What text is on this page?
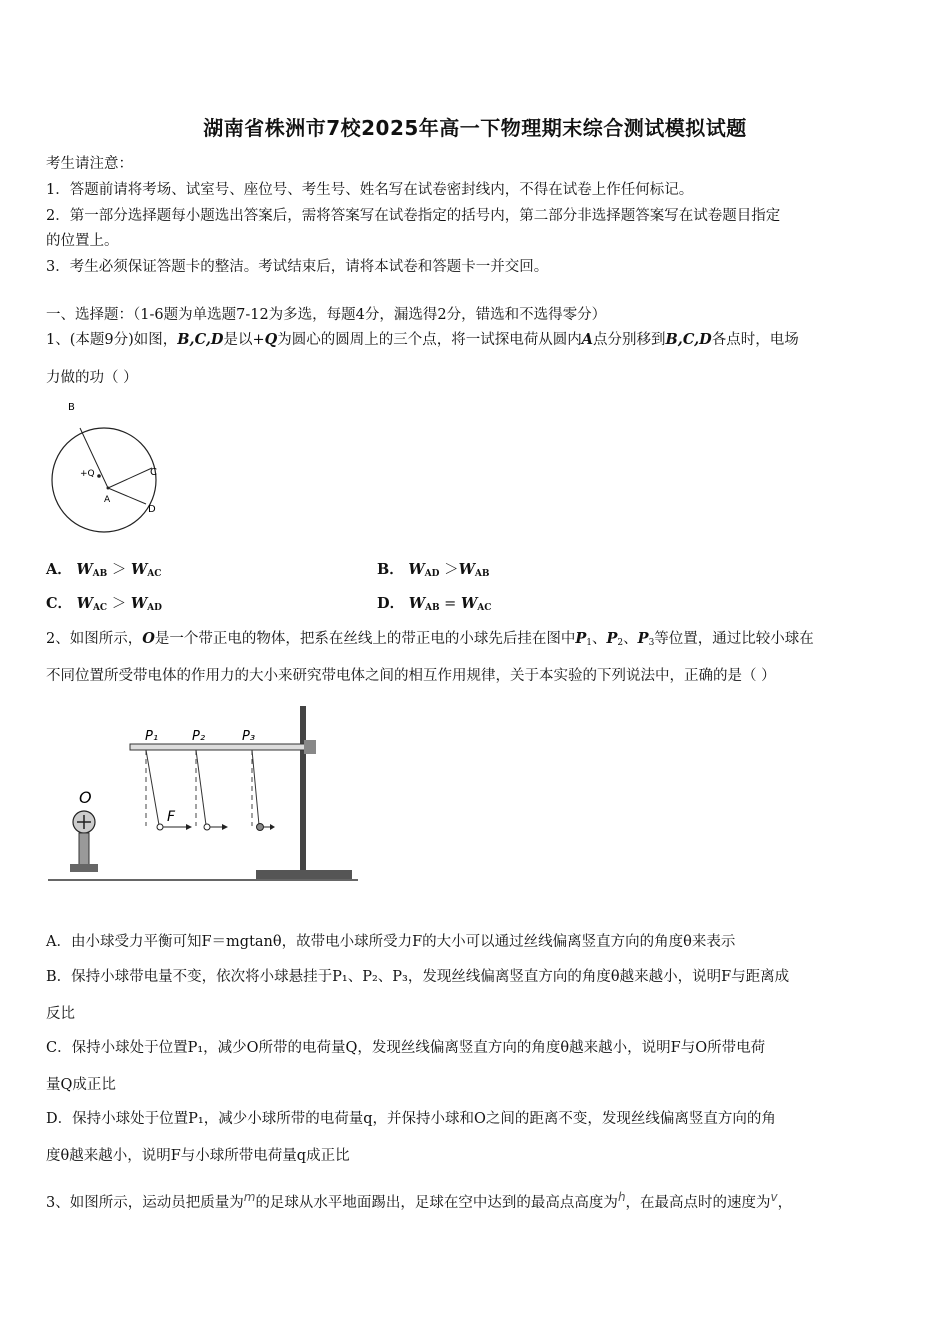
湖南省株洲市7校2025年高一下物理期末综合测试模拟试题
考生请注意：
1．答题前请将考场、试室号、座位号、考生号、姓名写在试卷密封线内，不得在试卷上作任何标记。
2．第一部分选择题每小题选出答案后，需将答案写在试卷指定的括号内，第二部分非选择题答案写在试卷题目指定
的位置上。
3．考生必须保证答题卡的整洁。考试结束后，请将本试卷和答题卡一并交回。
一、选择题：（1-6题为单选题7-12为多选，每题4分，漏选得2分，错选和不选得零分）
1、(本题9分)如图，B,C,D是以+Q为圆心的圆周上的三个点，将一试探电荷从圆内A点分别移到B,C,D各点时，电场
力做的功（ ）
B
C
D
A
+Q
A． $W_{AB} > W_{AC}$	B． $W_{AD} >W_{AB}$
C． $W_{AC} > W_{AD}$	D． $W_{AB} = W_{AC}$
2、如图所示，O是一个带正电的物体，把系在丝线上的带正电的小球先后挂在图中$P_1$、$P_2$、$P_3$等位置，通过比较小球在
不同位置所受带电体的作用力的大小来研究带电体之间的相互作用规律，关于本实验的下列说法中，正确的是（ ）
P₁	P₂	P₃
F
O
A．由小球受力平衡可知F＝mgtanθ，故带电小球所受力F的大小可以通过丝线偏离竖直方向的角度θ来表示
B．保持小球带电量不变，依次将小球悬挂于P₁、P₂、P₃，发现丝线偏离竖直方向的角度θ越来越小，说明F与距离成
反比
C．保持小球处于位置P₁，减少O所带的电荷量Q，发现丝线偏离竖直方向的角度θ越来越小，说明F与O所带电荷
量Q成正比
D．保持小球处于位置P₁，减少小球所带的电荷量q，并保持小球和O之间的距离不变，发现丝线偏离竖直方向的角
度θ越来越小，说明F与小球所带电荷量q成正比
3、如图所示，运动员把质量为$^m$的足球从水平地面踢出，足球在空中达到的最高点高度为$^h$，在最高点时的速度为$^v$，
